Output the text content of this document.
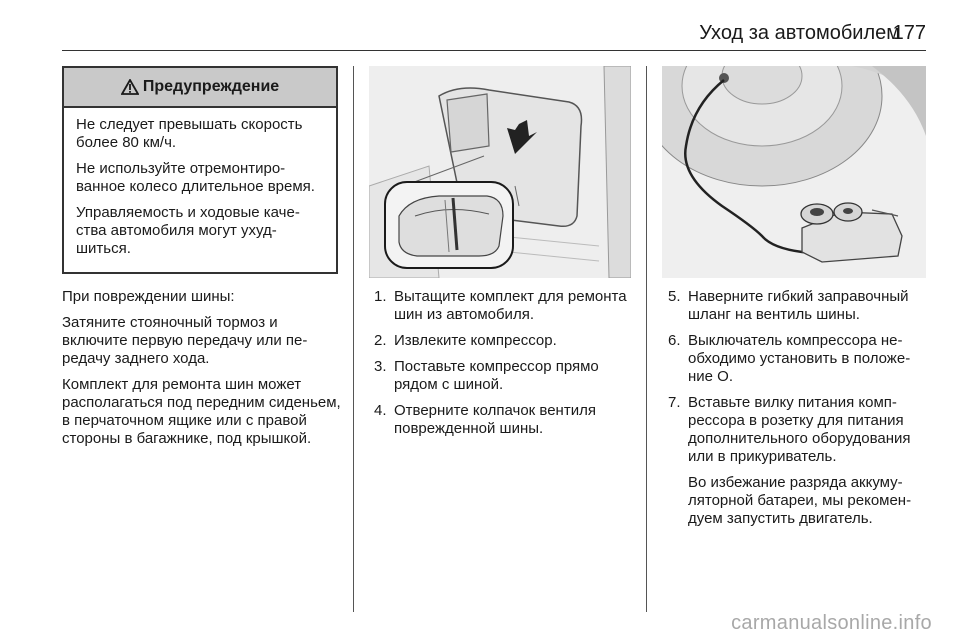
Уход за автомобилем
177
Предупреждение

Не следует превышать скорость более 80 км/ч.

Не используйте отремонтированное колесо длительное время.

Управляемость и ходовые качества автомобиля могут ухудшиться.

При повреждении шины:

Затяните стояночный тормоз и включите первую передачу или передачу заднего хода.

Комплект для ремонта шин может располагаться под передним сиденьем, в перчаточном ящике или с правой стороны в багажнике, под крышкой.

1. Вытащите комплект для ремонта шин из автомобиля.
2. Извлеките компрессор.
3. Поставьте компрессор прямо рядом с шиной.
4. Отверните колпачок вентиля поврежденной шины.
5. Наверните гибкий заправочный шланг на вентиль шины.
6. Выключатель компрессора необходимо установить в положение O.
7. Вставьте вилку питания компрессора в розетку для питания дополнительного оборудования или в прикуриватель.
Во избежание разряда аккумуляторной батареи, мы рекомендуем запустить двигатель.
carmanualsonline.info
